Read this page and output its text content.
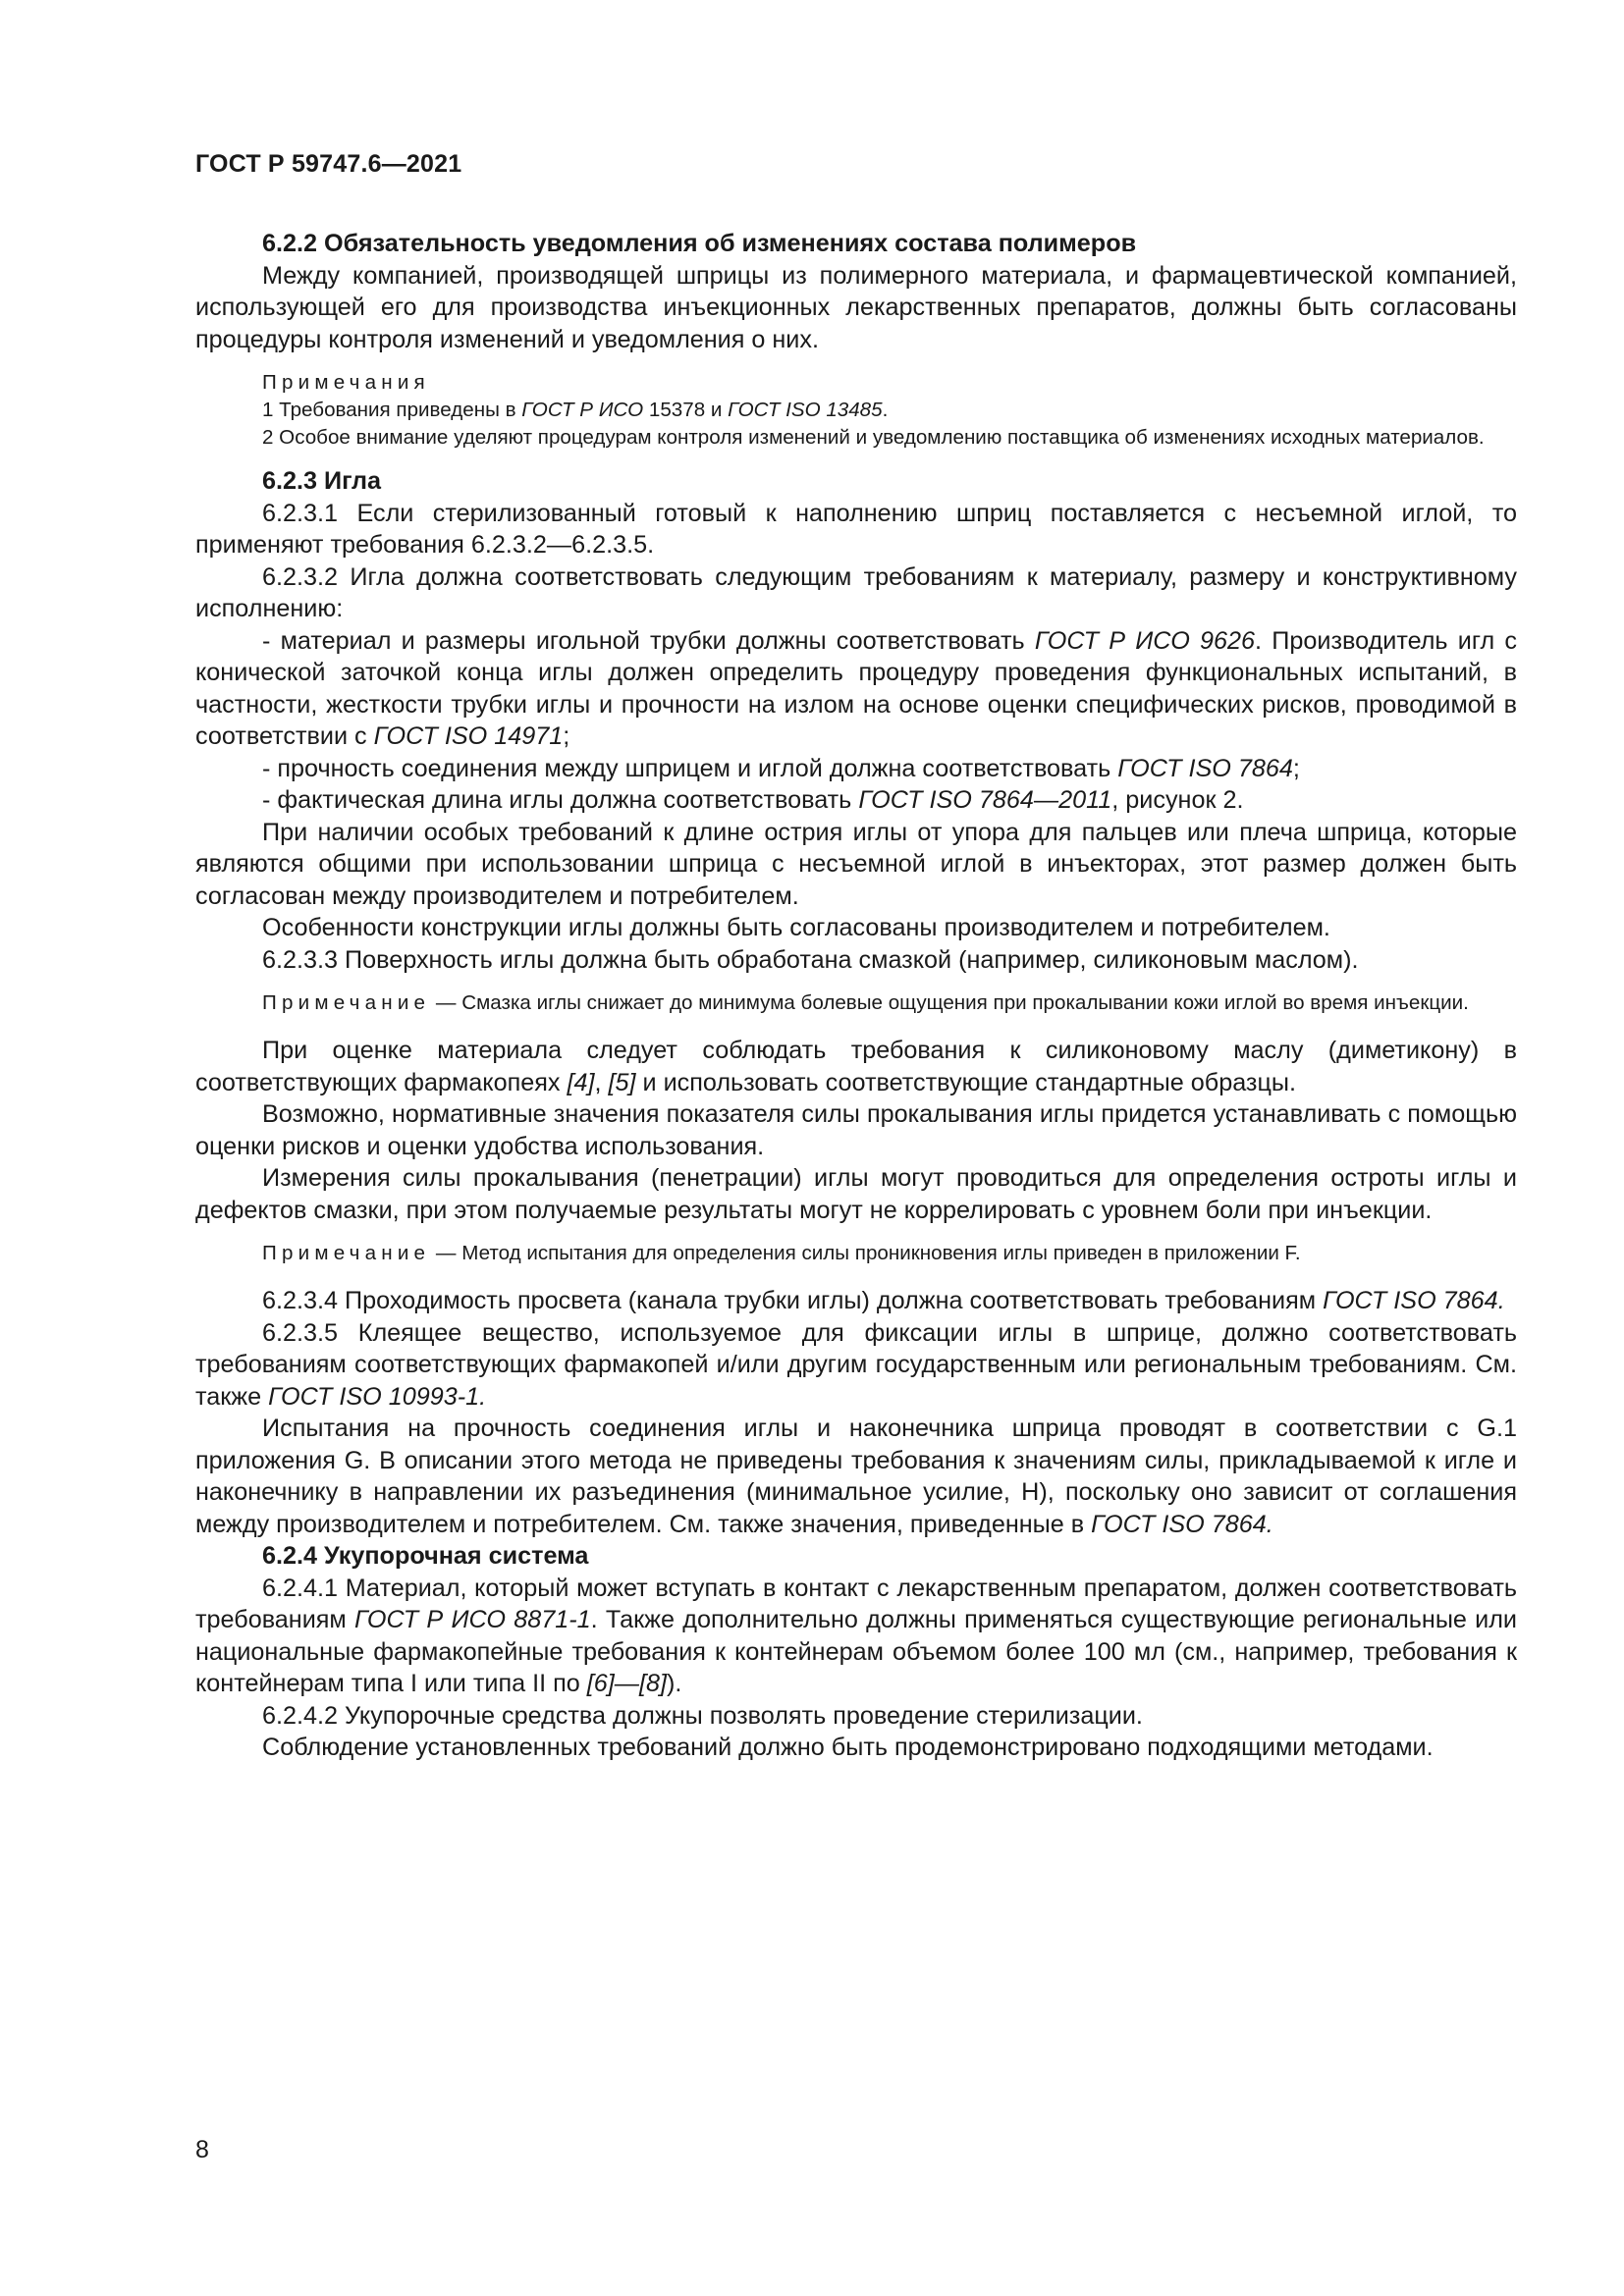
ГОСТ Р 59747.6—2021

6.2.2 Обязательность уведомления об изменениях состава полимеров

Между компанией, производящей шприцы из полимерного материала, и фармацевтической компанией, использующей его для производства инъекционных лекарственных препаратов, должны быть согласованы процедуры контроля изменений и уведомления о них.

Примечания
1 Требования приведены в ГОСТ Р ИСО 15378 и ГОСТ ISO 13485.
2 Особое внимание уделяют процедурам контроля изменений и уведомлению поставщика об изменениях исходных материалов.

6.2.3 Игла

6.2.3.1 Если стерилизованный готовый к наполнению шприц поставляется с несъемной иглой, то применяют требования 6.2.3.2—6.2.3.5.

6.2.3.2 Игла должна соответствовать следующим требованиям к материалу, размеру и конструктивному исполнению:

- материал и размеры игольной трубки должны соответствовать ГОСТ Р ИСО 9626. Производитель игл с конической заточкой конца иглы должен определить процедуру проведения функциональных испытаний, в частности, жесткости трубки иглы и прочности на излом на основе оценки специфических рисков, проводимой в соответствии с ГОСТ ISO 14971;

- прочность соединения между шприцем и иглой должна соответствовать ГОСТ ISO 7864;

- фактическая длина иглы должна соответствовать ГОСТ ISO 7864—2011, рисунок 2.

При наличии особых требований к длине острия иглы от упора для пальцев или плеча шприца, которые являются общими при использовании шприца с несъемной иглой в инъекторах, этот размер должен быть согласован между производителем и потребителем.

Особенности конструкции иглы должны быть согласованы производителем и потребителем.

6.2.3.3 Поверхность иглы должна быть обработана смазкой (например, силиконовым маслом).

Примечание — Смазка иглы снижает до минимума болевые ощущения при прокалывании кожи иглой во время инъекции.

При оценке материала следует соблюдать требования к силиконовому маслу (диметикону) в соответствующих фармакопеях [4], [5] и использовать соответствующие стандартные образцы.

Возможно, нормативные значения показателя силы прокалывания иглы придется устанавливать с помощью оценки рисков и оценки удобства использования.

Измерения силы прокалывания (пенетрации) иглы могут проводиться для определения остроты иглы и дефектов смазки, при этом получаемые результаты могут не коррелировать с уровнем боли при инъекции.

Примечание — Метод испытания для определения силы проникновения иглы приведен в приложении F.

6.2.3.4 Проходимость просвета (канала трубки иглы) должна соответствовать требованиям ГОСТ ISO 7864.

6.2.3.5 Клеящее вещество, используемое для фиксации иглы в шприце, должно соответствовать требованиям соответствующих фармакопей и/или другим государственным или региональным требованиям. См. также ГОСТ ISO 10993-1.

Испытания на прочность соединения иглы и наконечника шприца проводят в соответствии с G.1 приложения G. В описании этого метода не приведены требования к значениям силы, прикладываемой к игле и наконечнику в направлении их разъединения (минимальное усилие, Н), поскольку оно зависит от соглашения между производителем и потребителем. См. также значения, приведенные в ГОСТ ISO 7864.

6.2.4 Укупорочная система

6.2.4.1 Материал, который может вступать в контакт с лекарственным препаратом, должен соответствовать требованиям ГОСТ Р ИСО 8871-1. Также дополнительно должны применяться существующие региональные или национальные фармакопейные требования к контейнерам объемом более 100 мл (см., например, требования к контейнерам типа I или типа II по [6]—[8]).

6.2.4.2 Укупорочные средства должны позволять проведение стерилизации.

Соблюдение установленных требований должно быть продемонстрировано подходящими методами.

8
